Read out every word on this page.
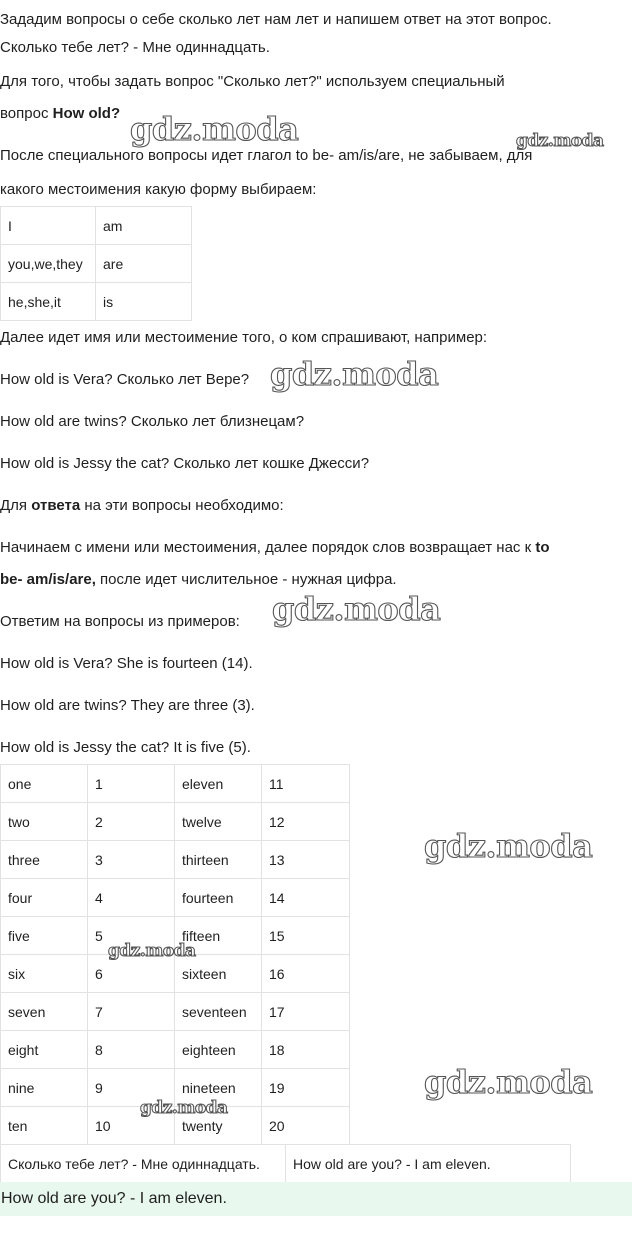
Зададим вопросы о себе сколько лет нам лет и напишем ответ на этот вопрос.
Сколько тебе лет? - Мне одиннадцать.
Для того, чтобы задать вопрос "Сколько лет?" используем специальный
вопрос How old?
После специального вопросы идет глагол to be- am/is/are, не забываем, для
какого местоимения какую форму выбираем:
I	am
you,we,they	are
he,she,it	is
Далее идет имя или местоимение того, о ком спрашивают, например:
How old is Vera? Сколько лет Вере?
How old are twins? Сколько лет близнецам?
How old is Jessy the cat? Сколько лет кошке Джесси?
Для ответа на эти вопросы необходимо:
Начинаем с имени или местоимения, далее порядок слов возвращает нас к to
be- am/is/are, после идет числительное - нужная цифра.
Ответим на вопросы из примеров:
How old is Vera? She is fourteen (14).
How old are twins? They are three (3).
How old is Jessy the cat? It is five (5).
one	1	eleven	11
two	2	twelve	12
three	3	thirteen	13
four	4	fourteen	14
five	5	fifteen	15
six	6	sixteen	16
seven	7	seventeen	17
eight	8	eighteen	18
nine	9	nineteen	19
ten	10	twenty	20
Сколько тебе лет? - Мне одиннадцать.	How old are you? - I am eleven.
How old are you? - I am eleven.
gdz.moda	gdz.moda
gdz.moda
gdz.moda
gdz.moda
gdz.moda
gdz.moda
gdz.moda
